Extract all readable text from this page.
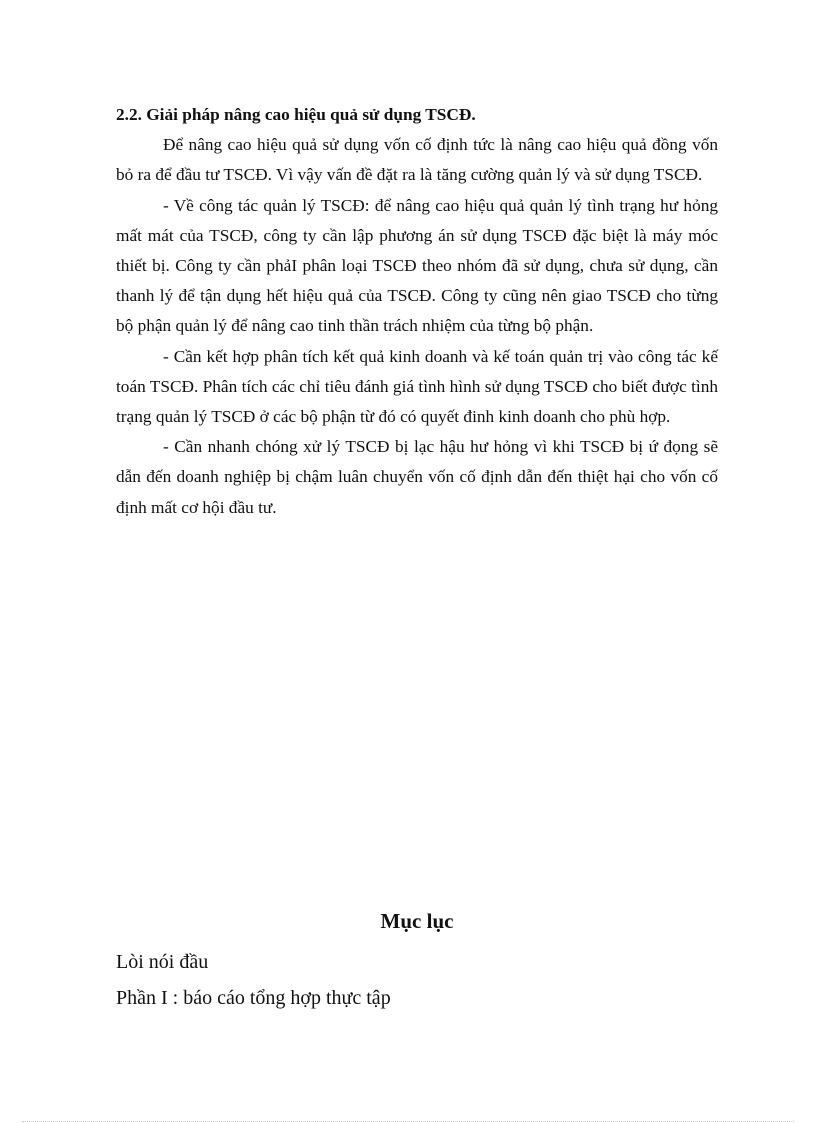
2.2. Giải pháp nâng cao hiệu quả sử dụng TSCĐ.

Để nâng cao hiệu quả sử dụng vốn cố định tức là nâng cao hiệu quả đồng vốn bỏ ra để đầu tư TSCĐ. Vì vậy vấn đề đặt ra là tăng cường quản lý và sử dụng TSCĐ.

- Về công tác quản lý TSCĐ: để nâng cao hiệu quả quản lý tình trạng hư hỏng mất mát của TSCĐ, công ty cần lập phương án sử dụng TSCĐ đặc biệt là máy móc thiết bị. Công ty cần phảI phân loại TSCĐ theo nhóm đã sử dụng, chưa sử dụng, cần thanh lý để tận dụng hết hiệu quả của TSCĐ. Công ty cũng nên giao TSCĐ cho từng bộ phận quản lý để nâng cao tinh thần trách nhiệm của từng bộ phận.

- Cần kết hợp phân tích kết quả kinh doanh và kế toán quản trị vào công tác kế toán TSCĐ. Phân tích các chỉ tiêu đánh giá tình hình sử dụng TSCĐ cho biết được tình trạng quản lý TSCĐ ở các bộ phận từ đó có quyết đinh kinh doanh cho phù hợp.

- Cần nhanh chóng xử lý TSCĐ bị lạc hậu hư hỏng vì khi TSCĐ bị ứ đọng sẽ dẫn đến doanh nghiệp bị chậm luân chuyển vốn cố định dẫn đến thiệt hại cho vốn cố định mất cơ hội đầu tư.

Mục lục

Lòi nói đầu

Phần I : báo cáo tổng hợp thực tập
